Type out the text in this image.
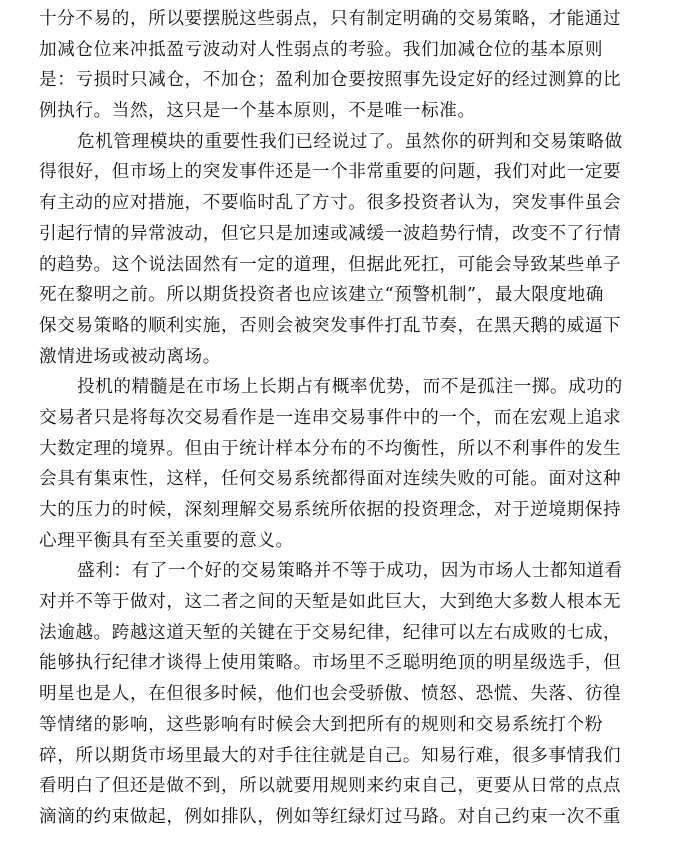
十分不易的，所以要摆脱这些弱点，只有制定明确的交易策略，才能通过
加减仓位来冲抵盈亏波动对人性弱点的考验。我们加减仓位的基本原则
是：亏损时只减仓，不加仓；盈利加仓要按照事先设定好的经过测算的比
例执行。当然，这只是一个基本原则，不是唯一标准。
危机管理模块的重要性我们已经说过了。虽然你的研判和交易策略做
得很好，但市场上的突发事件还是一个非常重要的问题，我们对此一定要
有主动的应对措施，不要临时乱了方寸。很多投资者认为，突发事件虽会
引起行情的异常波动，但它只是加速或减缓一波趋势行情，改变不了行情
的趋势。这个说法固然有一定的道理，但据此死扛，可能会导致某些单子
死在黎明之前。所以期货投资者也应该建立“预警机制”，最大限度地确
保交易策略的顺利实施，否则会被突发事件打乱节奏，在黑天鹅的威逼下
激情进场或被动离场。
投机的精髓是在市场上长期占有概率优势，而不是孤注一掷。成功的
交易者只是将每次交易看作是一连串交易事件中的一个，而在宏观上追求
大数定理的境界。但由于统计样本分布的不均衡性，所以不利事件的发生
会具有集束性，这样，任何交易系统都得面对连续失败的可能。面对这种
大的压力的时候，深刻理解交易系统所依据的投资理念，对于逆境期保持
心理平衡具有至关重要的意义。
盛利：有了一个好的交易策略并不等于成功，因为市场人士都知道看
对并不等于做对，这二者之间的天堑是如此巨大，大到绝大多数人根本无
法逾越。跨越这道天堑的关键在于交易纪律，纪律可以左右成败的七成，
能够执行纪律才谈得上使用策略。市场里不乏聪明绝顶的明星级选手，但
明星也是人，在但很多时候，他们也会受骄傲、愤怒、恐慌、失落、彷徨
等情绪的影响，这些影响有时候会大到把所有的规则和交易系统打个粉
碎，所以期货市场里最大的对手往往就是自己。知易行难，很多事情我们
看明白了但还是做不到，所以就要用规则来约束自己，更要从日常的点点
滴滴的约束做起，例如排队，例如等红绿灯过马路。对自己约束一次不重
